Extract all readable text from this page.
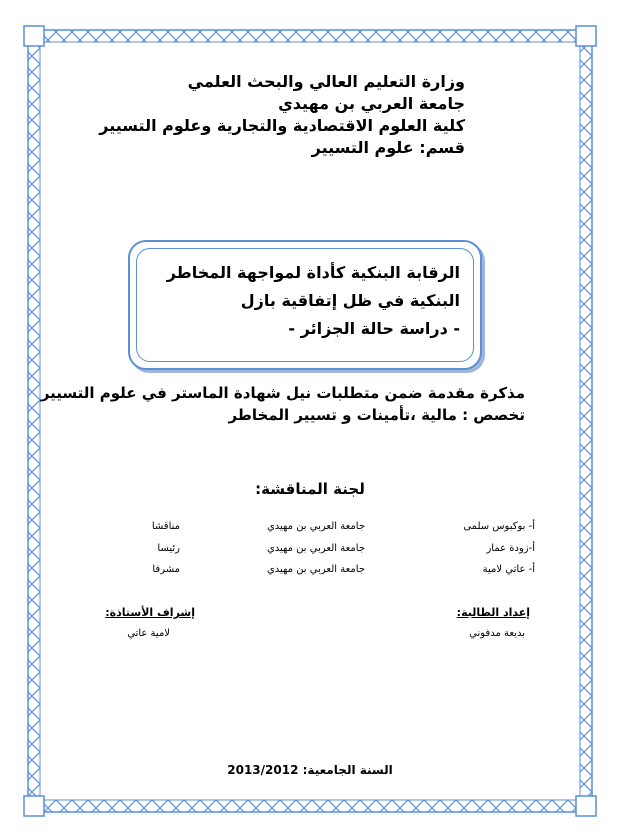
وزارة التعليم العالي والبحث العلمي
جامعة العربي بن مهيدي
كلية العلوم الاقتصادية والتجارية وعلوم التسيير
قسم: علوم التسيير
الرقابة البنكية كأداة لمواجهة المخاطر
البنكية في ظل إتفاقية بازل
- دراسة حالة الجزائر -
مذكرة مقدمة ضمن متطلبات نيل شهادة الماستر في علوم التسيير
تخصص : مالية ،تأمينات و تسيير المخاطر
لجنة المناقشة:
أ- بوكبوس سلمى
جامعة العربي بن مهيدي
مناقشا
أ-زودة عمار
جامعة العربي بن مهيدي
رئيسا
أ- عاتي لامية
جامعة العربي بن مهيدي
مشرفا
إعداد الطالبة:
بديعة مدفوني
إشراف الأستاذة:
لامية عاتي
السنة الجامعية: 2013/2012
